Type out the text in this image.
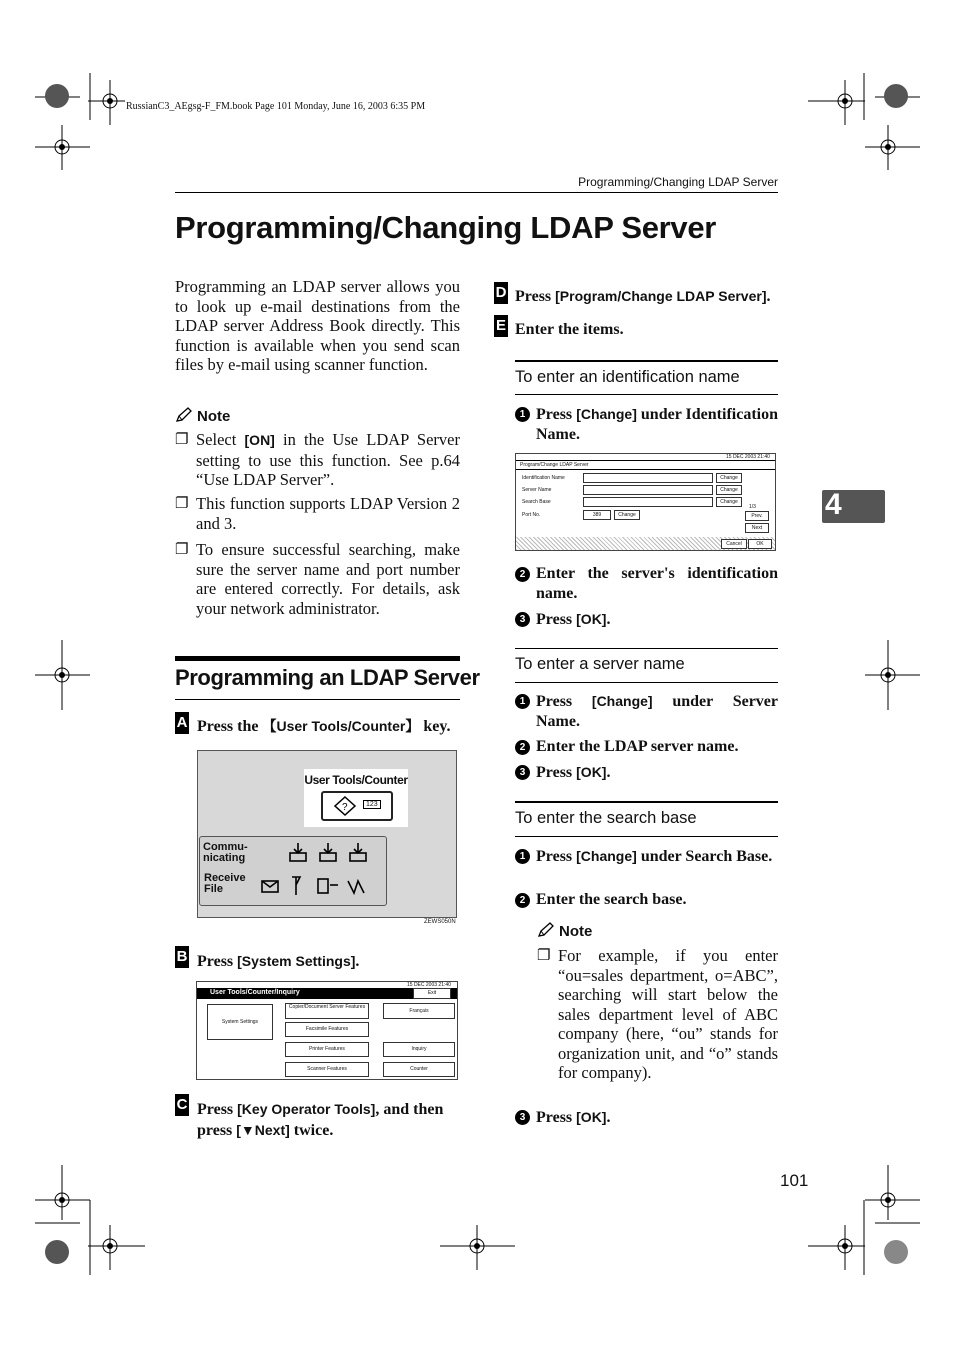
RussianC3_AEgsg-F_FM.book Page 101 Monday, June 16, 2003 6:35 PM
Programming/Changing LDAP Server
Programming/Changing LDAP Server
Programming an LDAP server allows you to look up e-mail destinations from the LDAP server Address Book directly. This function is available when you send scan files by e-mail using scanner function.
Note
❐ Select [ON] in the Use LDAP Server setting to use this function. See p.64 “Use LDAP Server”.
❐ This function supports LDAP Version 2 and 3.
❐ To ensure successful searching, make sure the server name and port number are entered correctly. For details, ask your network administrator.
Programming an LDAP Server
A Press the 【User Tools/Counter】 key.
User Tools/Counter
?	123
Commu-
nicating
Receive
File
ZEWS050N
B Press [System Settings].
15 DEC 2003 21:40
User Tools/Counter/Inquiry	Exit
System Settings
Copier/Document Server Features
Facsimile Features
Printer Features
Scanner Features
Français
Inquiry
Counter
C Press [Key Operator Tools], and then press [▼Next] twice.
D Press [Program/Change LDAP Server].
E Enter the items.
To enter an identification name
1 Press [Change] under Identification Name.
15 DEC 2003 21:40
Program/Change LDAP Server
Identification Name	Change
Server Name	Change
Search Base	Change
Port No.	389	Change
1/3
Prev.
Next
Cancel	OK
2 Enter the server's identification name.
3 Press [OK].
To enter a server name
1 Press [Change] under Server Name.
2 Enter the LDAP server name.
3 Press [OK].
To enter the search base
1 Press [Change] under Search Base.
2 Enter the search base.
Note
❐ For example, if you enter “ou=sales department, o=ABC”, searching will start below the sales department level of ABC company (here, “ou” stands for organization unit, and “o” stands for company).
3 Press [OK].
4
101
